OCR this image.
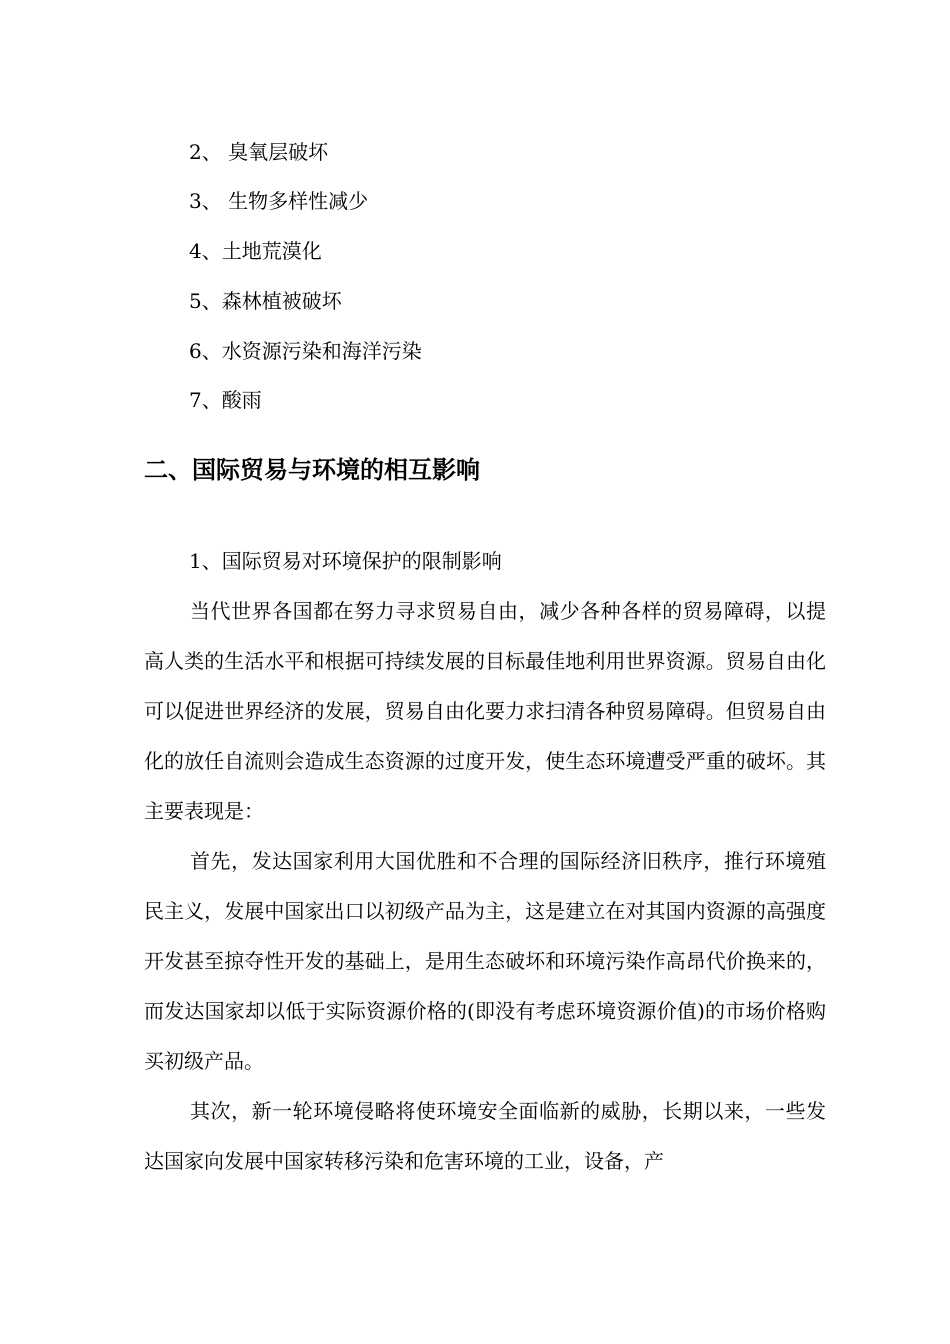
2、 臭氧层破坏
3、 生物多样性减少
4、土地荒漠化
5、森林植被破坏
6、水资源污染和海洋污染
7、酸雨
二、国际贸易与环境的相互影响
1、国际贸易对环境保护的限制影响

当代世界各国都在努力寻求贸易自由，减少各种各样的贸易障碍，以提高人类的生活水平和根据可持续发展的目标最佳地利用世界资源。贸易自由化可以促进世界经济的发展，贸易自由化要力求扫清各种贸易障碍。但贸易自由化的放任自流则会造成生态资源的过度开发，使生态环境遭受严重的破坏。其主要表现是：

首先，发达国家利用大国优胜和不合理的国际经济旧秩序，推行环境殖民主义，发展中国家出口以初级产品为主，这是建立在对其国内资源的高强度开发甚至掠夺性开发的基础上，是用生态破坏和环境污染作高昂代价换来的，而发达国家却以低于实际资源价格的(即没有考虑环境资源价值)的市场价格购买初级产品。

其次，新一轮环境侵略将使环境安全面临新的威胁，长期以来，一些发达国家向发展中国家转移污染和危害环境的工业，设备，产
